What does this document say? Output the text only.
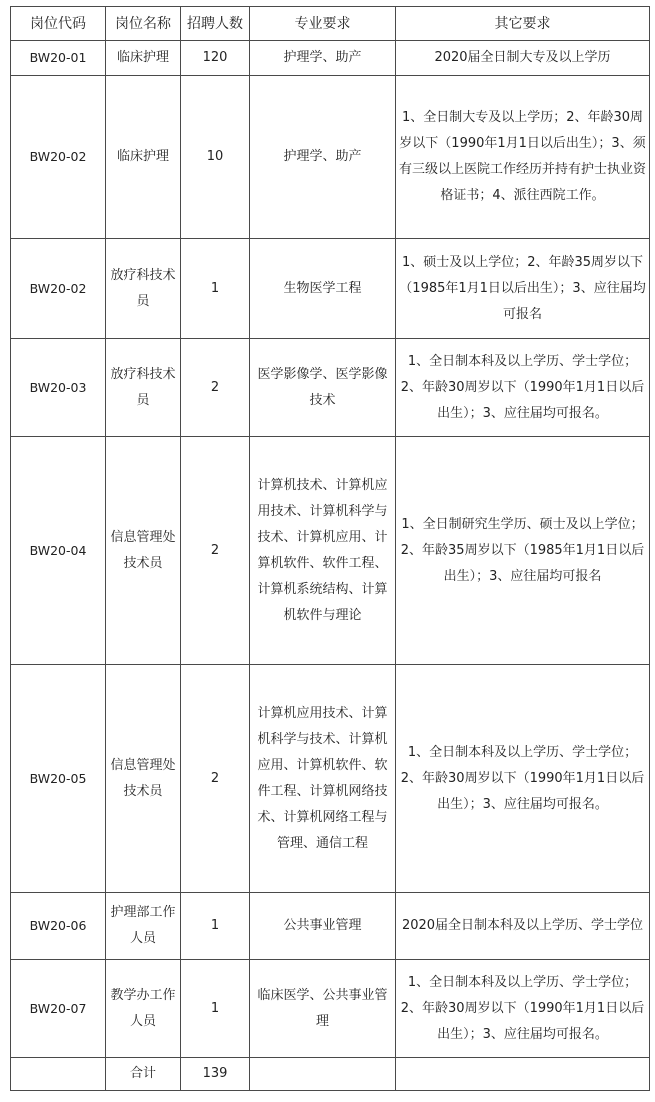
岗位代码	岗位名称	招聘人数	专业要求	其它要求
BW20-01	临床护理	120	护理学、助产	2020届全日制大专及以上学历
BW20-02	临床护理	10	护理学、助产	1、全日制大专及以上学历；2、年龄30周岁以下（1990年1月1日以后出生）；3、须有三级以上医院工作经历并持有护士执业资格证书；4、派往西院工作。
BW20-02	放疗科技术员	1	生物医学工程	1、硕士及以上学位；2、年龄35周岁以下（1985年1月1日以后出生）；3、应往届均可报名
BW20-03	放疗科技术员	2	医学影像学、医学影像技术	1、全日制本科及以上学历、学士学位；2、年龄30周岁以下（1990年1月1日以后出生）；3、应往届均可报名。
BW20-04	信息管理处技术员	2	计算机技术、计算机应用技术、计算机科学与技术、计算机应用、计算机软件、软件工程、计算机系统结构、计算机软件与理论	1、全日制研究生学历、硕士及以上学位；2、年龄35周岁以下（1985年1月1日以后出生）；3、应往届均可报名
BW20-05	信息管理处技术员	2	计算机应用技术、计算机科学与技术、计算机应用、计算机软件、软件工程、计算机网络技术、计算机网络工程与管理、通信工程	1、全日制本科及以上学历、学士学位；2、年龄30周岁以下（1990年1月1日以后出生）；3、应往届均可报名。
BW20-06	护理部工作人员	1	公共事业管理	2020届全日制本科及以上学历、学士学位
BW20-07	教学办工作人员	1	临床医学、公共事业管理	1、全日制本科及以上学历、学士学位；2、年龄30周岁以下（1990年1月1日以后出生）；3、应往届均可报名。
	合计	139		
